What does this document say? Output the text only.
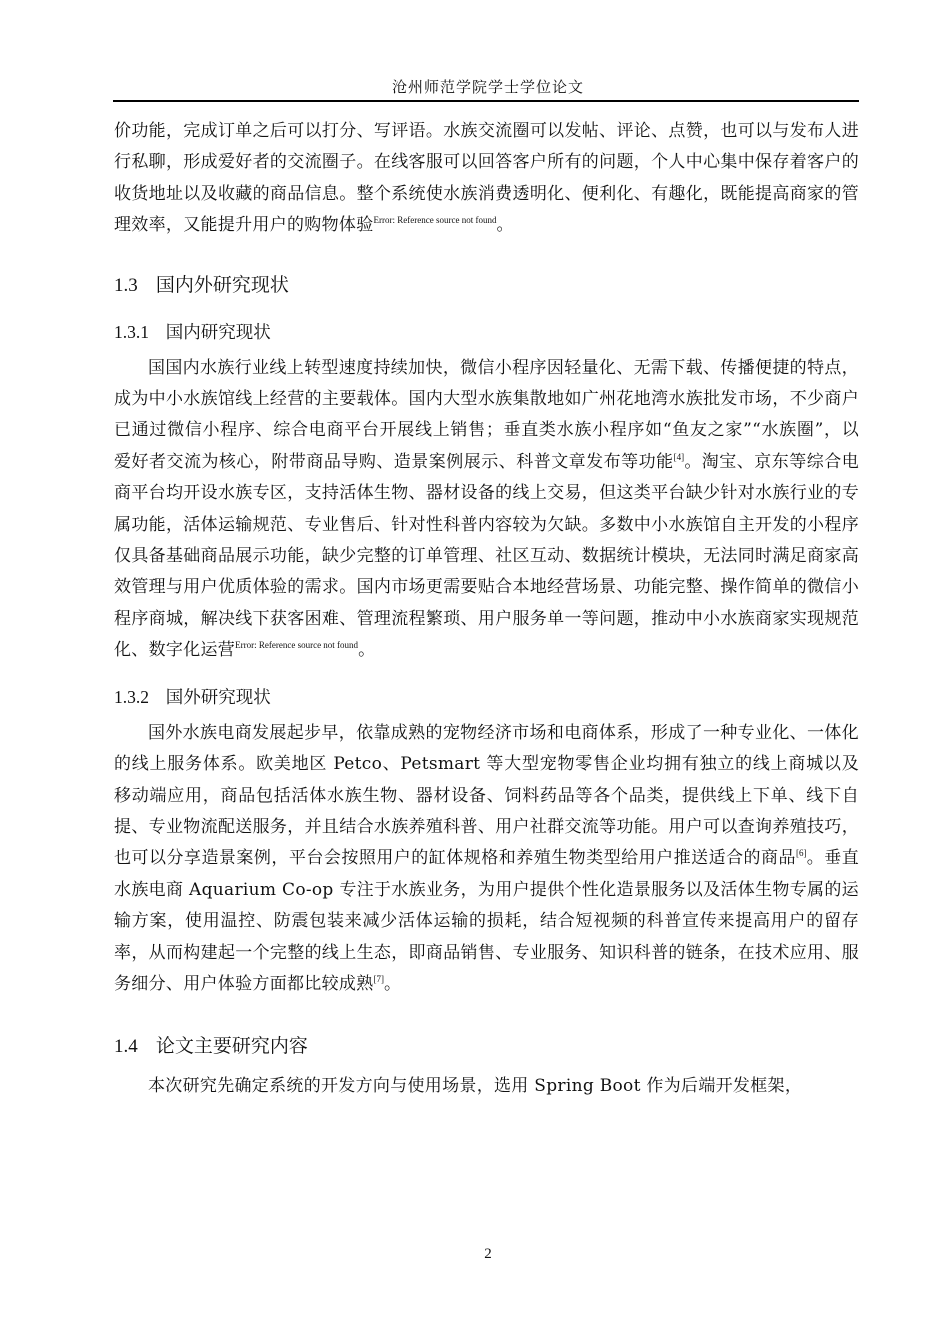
沧州师范学院学士学位论文

价功能，完成订单之后可以打分、写评语。水族交流圈可以发帖、评论、点赞，也可以与发布人进行私聊，形成爱好者的交流圈子。在线客服可以回答客户所有的问题，个人中心集中保存着客户的收货地址以及收藏的商品信息。整个系统使水族消费透明化、便利化、有趣化，既能提高商家的管理效率，又能提升用户的购物体验$^{Error: Reference source not found}$。

1.3 国内外研究现状
1.3.1 国内研究现状

国国内水族行业线上转型速度持续加快，微信小程序因轻量化、无需下载、传播便捷的特点，成为中小水族馆线上经营的主要载体。国内大型水族集散地如广州花地湾水族批发市场，不少商户已通过微信小程序、综合电商平台开展线上销售；垂直类水族小程序如“鱼友之家”“水族圈”，以爱好者交流为核心，附带商品导购、造景案例展示、科普文章发布等功能[4]。淘宝、京东等综合电商平台均开设水族专区，支持活体生物、器材设备的线上交易，但这类平台缺少针对水族行业的专属功能，活体运输规范、专业售后、针对性科普内容较为欠缺。多数中小水族馆自主开发的小程序仅具备基础商品展示功能，缺少完整的订单管理、社区互动、数据统计模块，无法同时满足商家高效管理与用户优质体验的需求。国内市场更需要贴合本地经营场景、功能完整、操作简单的微信小程序商城，解决线下获客困难、管理流程繁琐、用户服务单一等问题，推动中小水族商家实现规范化、数字化运营$^{Error: Reference source not found}$。

1.3.2 国外研究现状

国外水族电商发展起步早，依靠成熟的宠物经济市场和电商体系，形成了一种专业化、一体化的线上服务体系。欧美地区 Petco、Petsmart 等大型宠物零售企业均拥有独立的线上商城以及移动端应用，商品包括活体水族生物、器材设备、饲料药品等各个品类，提供线上下单、线下自提、专业物流配送服务，并且结合水族养殖科普、用户社群交流等功能。用户可以查询养殖技巧，也可以分享造景案例，平台会按照用户的缸体规格和养殖生物类型给用户推送适合的商品[6]。垂直水族电商 Aquarium Co-op 专注于水族业务，为用户提供个性化造景服务以及活体生物专属的运输方案，使用温控、防震包装来减少活体运输的损耗，结合短视频的科普宣传来提高用户的留存率，从而构建起一个完整的线上生态，即商品销售、专业服务、知识科普的链条，在技术应用、服务细分、用户体验方面都比较成熟[7]。

1.4 论文主要研究内容

本次研究先确定系统的开发方向与使用场景，选用 Spring Boot 作为后端开发框架，

2
